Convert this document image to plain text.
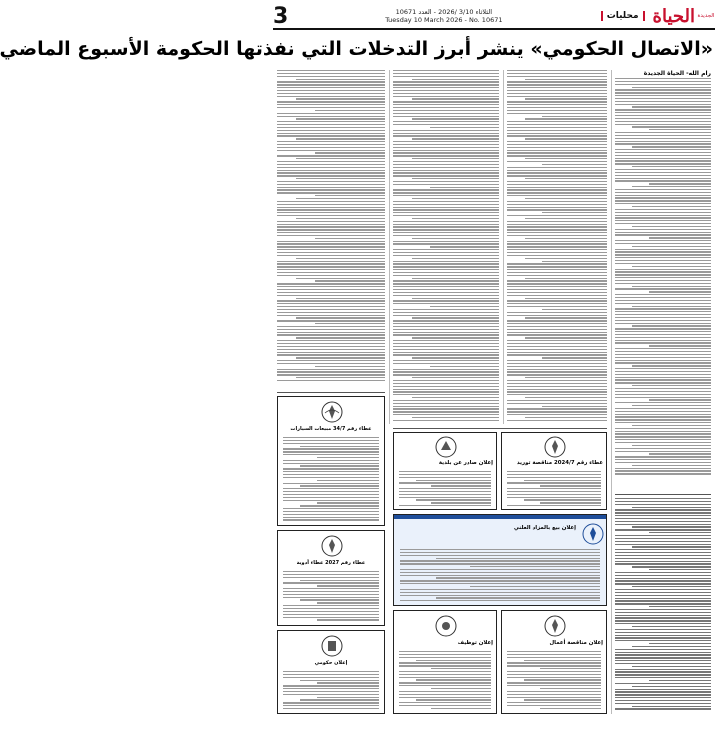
3	الثلاثاء 3/10 /2026 - العدد 10671
Tuesday 10 March 2026 - No. 10671	محليات الحياة الجديدة
«الاتصال الحكومي» ينشر أبرز التدخلات التي نفذتها الحكومة الأسبوع الماضي
رام الله- الحياة الجديدة
عطاء رقم 34/7 مبيعات السيارات
عطاء رقم 2027 عطاء أدوية
إعلان حكومي
عطاء رقم 2024/7 مناقصة توريد
إعلان صادر عن بلدية
إعلان بيع بالمزاد العلني
إعلان مناقصة أعمال
إعلان توظيف
